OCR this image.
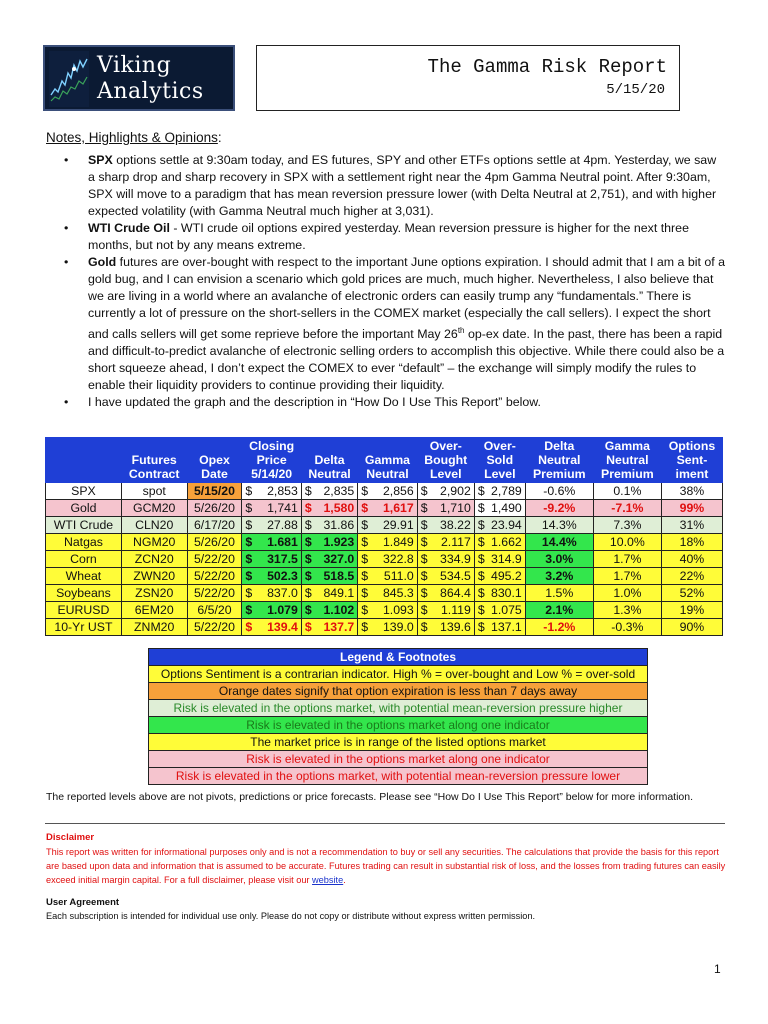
Viking
Analytics
The Gamma Risk Report
5/15/20
Notes, Highlights & Opinions:
• SPX options settle at 9:30am today, and ES futures, SPY and other ETFs options settle at 4pm. Yesterday, we saw a sharp drop and sharp recovery in SPX with a settlement right near the 4pm Gamma Neutral point. After 9:30am, SPX will move to a paradigm that has mean reversion pressure lower (with Delta Neutral at 2,751), and with higher expected volatility (with Gamma Neutral much higher at 3,031).
• WTI Crude Oil - WTI crude oil options expired yesterday. Mean reversion pressure is higher for the next three months, but not by any means extreme.
• Gold futures are over-bought with respect to the important June options expiration. I should admit that I am a bit of a gold bug, and I can envision a scenario which gold prices are much, much higher. Nevertheless, I also believe that we are living in a world where an avalanche of electronic orders can easily trump any “fundamentals.” There is currently a lot of pressure on the short-sellers in the COMEX market (especially the call sellers). I expect the short and calls sellers will get some reprieve before the important May 26th op-ex date. In the past, there has been a rapid and difficult-to-predict avalanche of electronic selling orders to accomplish this objective. While there could also be a short squeeze ahead, I don’t expect the COMEX to ever “default” – the exchange will simply modify the rules to enable their liquidity providers to continue providing their liquidity.
• I have updated the graph and the description in “How Do I Use This Report” below.
	Futures
Contract	Opex
Date	Closing
Price
5/14/20	Delta
Neutral	Gamma
Neutral	Over-
Bought
Level	Over-
Sold
Level	Delta
Neutral
Premium	Gamma
Neutral
Premium	Options
Sent-
iment
SPX	spot	5/15/20	$ 2,853	$ 2,835	$ 2,856	$ 2,902	$ 2,789	-0.6%	0.1%	38%
Gold	GCM20	5/26/20	$ 1,741	$ 1,580	$ 1,617	$ 1,710	$ 1,490	-9.2%	-7.1%	99%
WTI Crude	CLN20	6/17/20	$ 27.88	$ 31.86	$ 29.91	$ 38.22	$ 23.94	14.3%	7.3%	31%
Natgas	NGM20	5/26/20	$ 1.681	$ 1.923	$ 1.849	$ 2.117	$ 1.662	14.4%	10.0%	18%
Corn	ZCN20	5/22/20	$ 317.5	$ 327.0	$ 322.8	$ 334.9	$ 314.9	3.0%	1.7%	40%
Wheat	ZWN20	5/22/20	$ 502.3	$ 518.5	$ 511.0	$ 534.5	$ 495.2	3.2%	1.7%	22%
Soybeans	ZSN20	5/22/20	$ 837.0	$ 849.1	$ 845.3	$ 864.4	$ 830.1	1.5%	1.0%	52%
EURUSD	6EM20	6/5/20	$ 1.079	$ 1.102	$ 1.093	$ 1.119	$ 1.075	2.1%	1.3%	19%
10-Yr UST	ZNM20	5/22/20	$ 139.4	$ 137.7	$ 139.0	$ 139.6	$ 137.1	-1.2%	-0.3%	90%
Legend & Footnotes
Options Sentiment is a contrarian indicator. High % = over-bought and Low % = over-sold
Orange dates signify that option expiration is less than 7 days away
Risk is elevated in the options market, with potential mean-reversion pressure higher
Risk is elevated in the options market along one indicator
The market price is in range of the listed options market
Risk is elevated in the options market along one indicator
Risk is elevated in the options market, with potential mean-reversion pressure lower
The reported levels above are not pivots, predictions or price forecasts. Please see “How Do I Use This Report” below for more information.
Disclaimer
This report was written for informational purposes only and is not a recommendation to buy or sell any securities. The calculations that provide the basis for this report are based upon data and information that is assumed to be accurate. Futures trading can result in substantial risk of loss, and the losses from trading futures can easily exceed initial margin capital. For a full disclaimer, please visit our website.
User Agreement
Each subscription is intended for individual use only. Please do not copy or distribute without express written permission.
1
